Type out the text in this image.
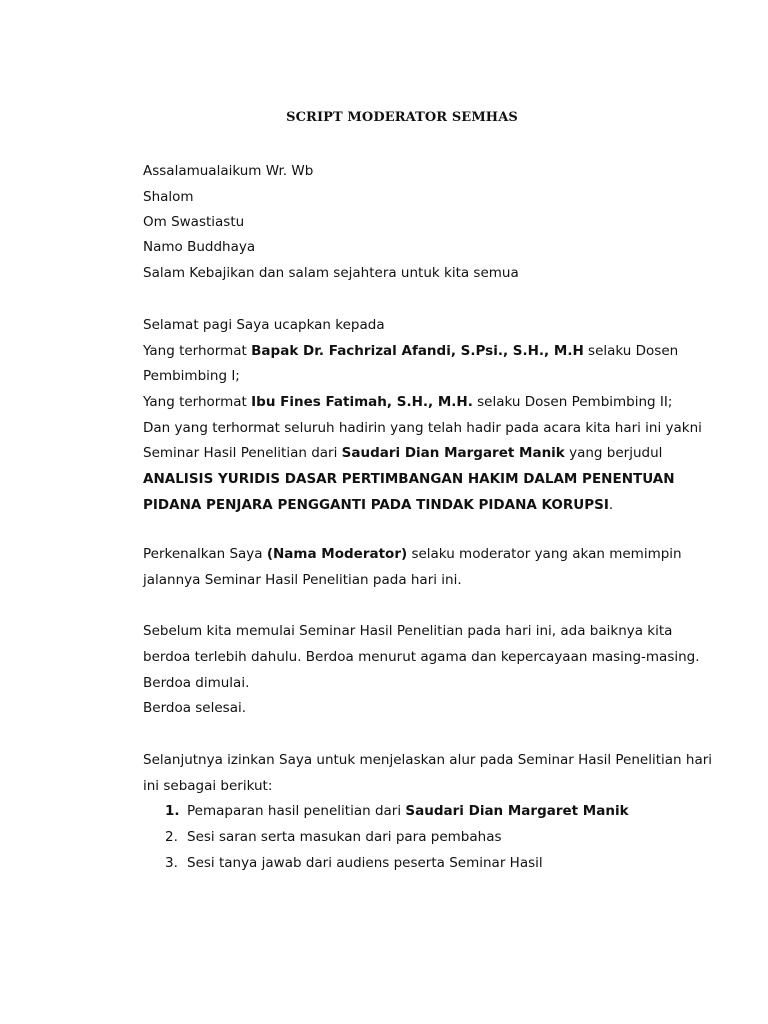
SCRIPT MODERATOR SEMHAS
Assalamualaikum Wr. Wb
Shalom
Om Swastiastu
Namo Buddhaya
Salam Kebajikan dan salam sejahtera untuk kita semua
Selamat pagi Saya ucapkan kepada
Yang terhormat Bapak Dr. Fachrizal Afandi, S.Psi., S.H., M.H selaku Dosen
Pembimbing I;
Yang terhormat Ibu Fines Fatimah, S.H., M.H. selaku Dosen Pembimbing II;
Dan yang terhormat seluruh hadirin yang telah hadir pada acara kita hari ini yakni
Seminar Hasil Penelitian dari Saudari Dian Margaret Manik yang berjudul
ANALISIS YURIDIS DASAR PERTIMBANGAN HAKIM DALAM PENENTUAN
PIDANA PENJARA PENGGANTI PADA TINDAK PIDANA KORUPSI.
Perkenalkan Saya (Nama Moderator) selaku moderator yang akan memimpin
jalannya Seminar Hasil Penelitian pada hari ini.
Sebelum kita memulai Seminar Hasil Penelitian pada hari ini, ada baiknya kita
berdoa terlebih dahulu. Berdoa menurut agama dan kepercayaan masing-masing.
Berdoa dimulai.
Berdoa selesai.
Selanjutnya izinkan Saya untuk menjelaskan alur pada Seminar Hasil Penelitian hari
ini sebagai berikut:
1. Pemaparan hasil penelitian dari Saudari Dian Margaret Manik
2. Sesi saran serta masukan dari para pembahas
3. Sesi tanya jawab dari audiens peserta Seminar Hasil
